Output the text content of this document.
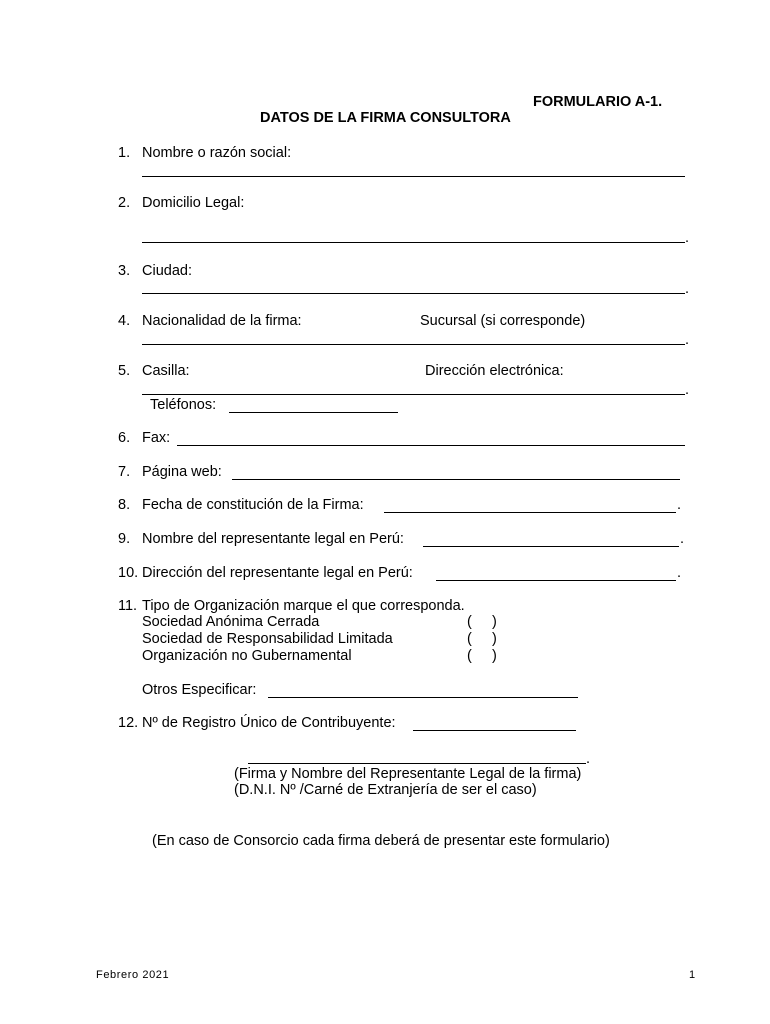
FORMULARIO A-1.
DATOS DE LA FIRMA CONSULTORA
1. Nombre o razón social:
2. Domicilio Legal:
.
3. Ciudad:
.
4. Nacionalidad de la firma:	Sucursal (si corresponde)
.
5. Casilla:	Dirección electrónica:
.
Teléfonos:
6. Fax:
7. Página web:
8. Fecha de constitución de la Firma:	.
9. Nombre del representante legal en Perú:	.
10. Dirección del representante legal en Perú:	.
11. Tipo de Organización marque el que corresponda.
Sociedad Anónima Cerrada	(     )
Sociedad de Responsabilidad Limitada	(     )
Organización no Gubernamental	(     )
Otros Especificar:
12. Nº de Registro Único de Contribuyente:
.
(Firma y Nombre del Representante Legal de la firma)
(D.N.I. Nº /Carné de Extranjería de ser el caso)
(En caso de Consorcio cada firma deberá de presentar este formulario)
Febrero 2021	1
